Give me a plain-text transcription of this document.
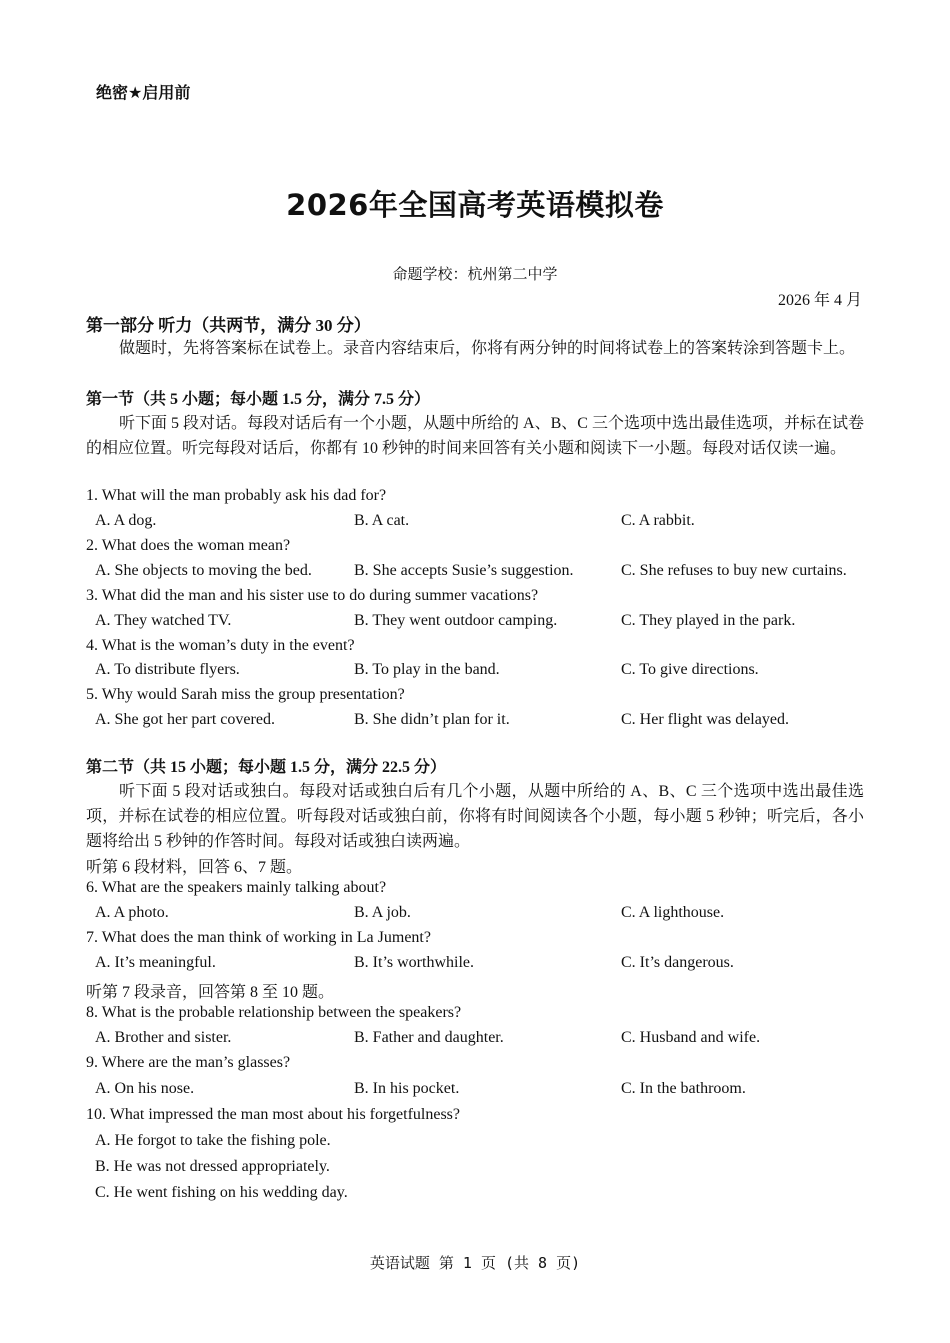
绝密★启用前
2026年全国高考英语模拟卷
命题学校：杭州第二中学
2026 年 4 月
第一部分 听力（共两节，满分 30 分）
做题时，先将答案标在试卷上。录音内容结束后，你将有两分钟的时间将试卷上的答案转涂到答题卡上。
第一节（共 5 小题；每小题 1.5 分，满分 7.5 分）
听下面 5 段对话。每段对话后有一个小题，从题中所给的 A、B、C 三个选项中选出最佳选项，并标在试卷的相应位置。听完每段对话后，你都有 10 秒钟的时间来回答有关小题和阅读下一小题。每段对话仅读一遍。
1. What will the man probably ask his dad for?
A. A dog.	B. A cat.	C. A rabbit.
2. What does the woman mean?
A. She objects to moving the bed.	B. She accepts Susie’s suggestion.	C. She refuses to buy new curtains.
3. What did the man and his sister use to do during summer vacations?
A. They watched TV.	B. They went outdoor camping.	C. They played in the park.
4. What is the woman’s duty in the event?
A. To distribute flyers.	B. To play in the band.	C. To give directions.
5. Why would Sarah miss the group presentation?
A. She got her part covered.	B. She didn’t plan for it.	C. Her flight was delayed.
第二节（共 15 小题；每小题 1.5 分，满分 22.5 分）
听下面 5 段对话或独白。每段对话或独白后有几个小题，从题中所给的 A、B、C 三个选项中选出最佳选项，并标在试卷的相应位置。听每段对话或独白前，你将有时间阅读各个小题，每小题 5 秒钟；听完后，各小题将给出 5 秒钟的作答时间。每段对话或独白读两遍。
听第 6 段材料，回答 6、7 题。
6. What are the speakers mainly talking about?
A. A photo.	B. A job.	C. A lighthouse.
7. What does the man think of working in La Jument?
A. It’s meaningful.	B. It’s worthwhile.	C. It’s dangerous.
听第 7 段录音，回答第 8 至 10 题。
8. What is the probable relationship between the speakers?
A. Brother and sister.	B. Father and daughter.	C. Husband and wife.
9. Where are the man’s glasses?
A. On his nose.	B. In his pocket.	C. In the bathroom.
10. What impressed the man most about his forgetfulness?
A. He forgot to take the fishing pole.
B. He was not dressed appropriately.
C. He went fishing on his wedding day.
英语试题 第 1 页 (共 8 页)
